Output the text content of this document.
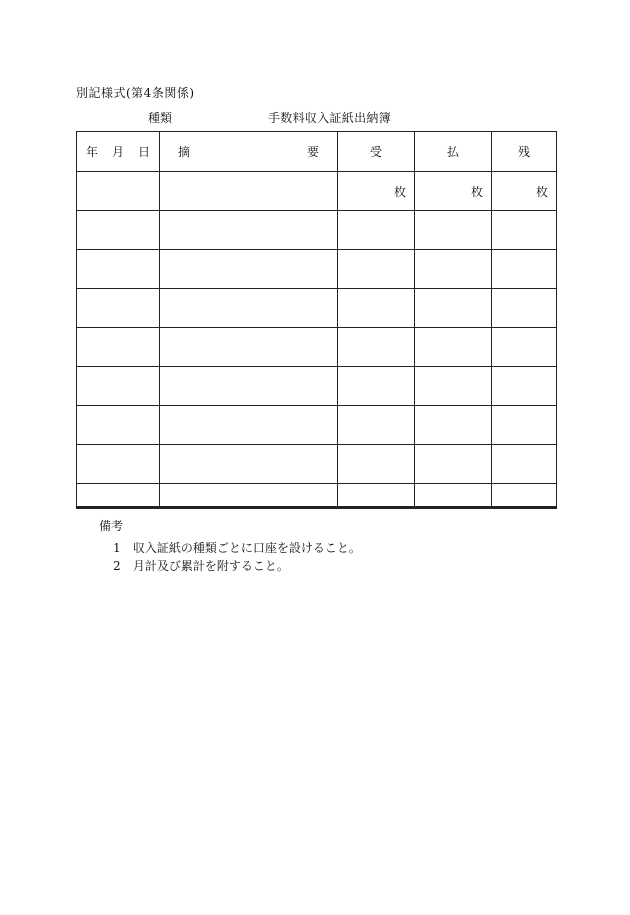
別記様式(第4条関係)
種類	手数料収入証紙出納簿
年 月 日	摘 要	受	払	残
		枚	枚	枚

備考
1 収入証紙の種類ごとに口座を設けること。
2 月計及び累計を附すること。
